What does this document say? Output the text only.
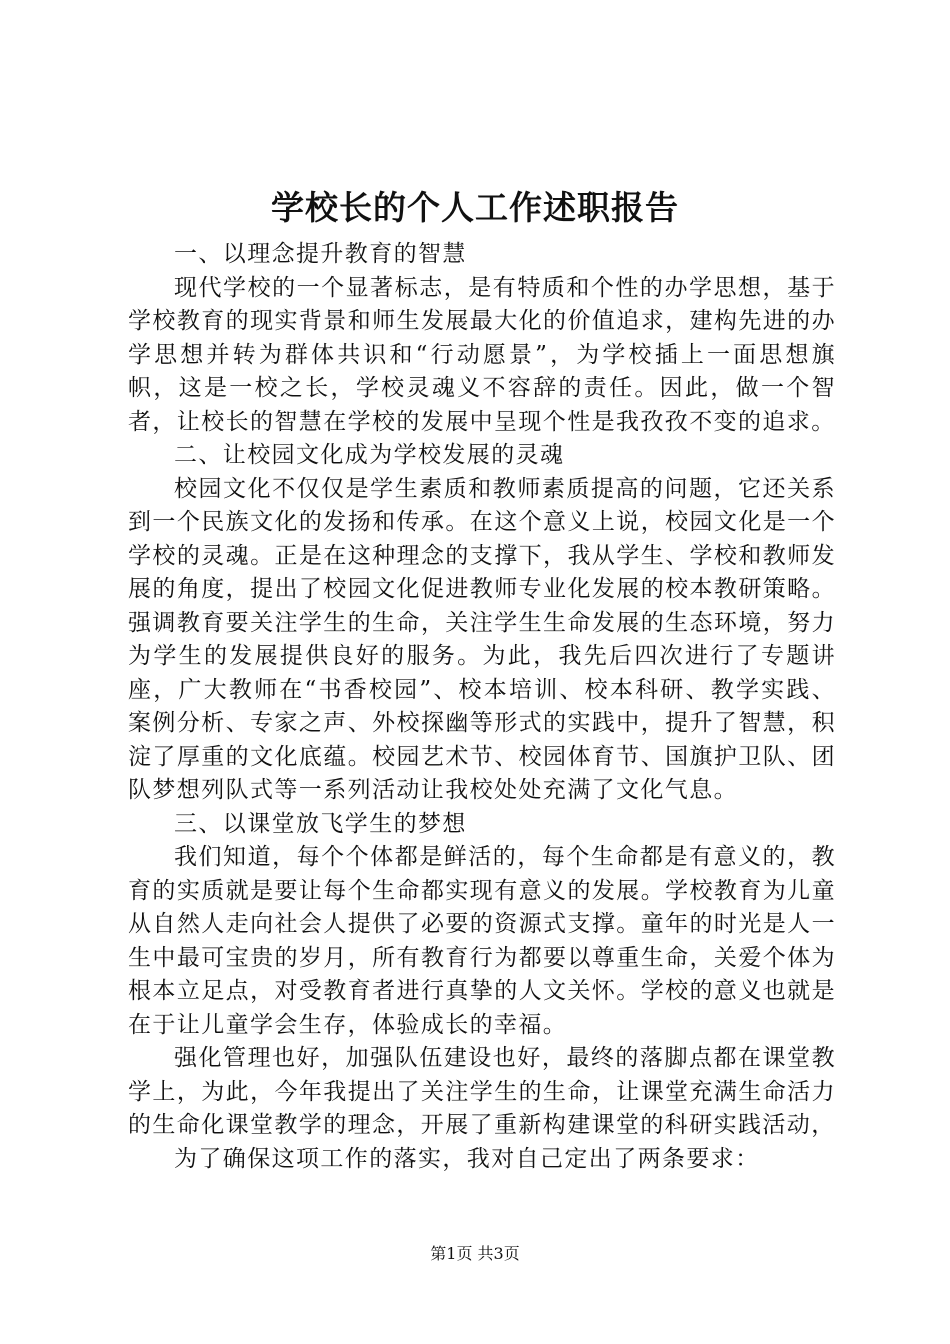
学校长的个人工作述职报告

一、以理念提升教育的智慧

现代学校的一个显著标志，是有特质和个性的办学思想，基于学校教育的现实背景和师生发展最大化的价值追求，建构先进的办学思想并转为群体共识和“行动愿景”，为学校插上一面思想旗帜，这是一校之长，学校灵魂义不容辞的责任。因此，做一个智者，让校长的智慧在学校的发展中呈现个性是我孜孜不变的追求。

二、让校园文化成为学校发展的灵魂

校园文化不仅仅是学生素质和教师素质提高的问题，它还关系到一个民族文化的发扬和传承。在这个意义上说，校园文化是一个学校的灵魂。正是在这种理念的支撑下，我从学生、学校和教师发展的角度，提出了校园文化促进教师专业化发展的校本教研策略。强调教育要关注学生的生命，关注学生生命发展的生态环境，努力为学生的发展提供良好的服务。为此，我先后四次进行了专题讲座，广大教师在“书香校园”、校本培训、校本科研、教学实践、案例分析、专家之声、外校探幽等形式的实践中，提升了智慧，积淀了厚重的文化底蕴。校园艺术节、校园体育节、国旗护卫队、团队梦想列队式等一系列活动让我校处处充满了文化气息。

三、以课堂放飞学生的梦想

我们知道，每个个体都是鲜活的，每个生命都是有意义的，教育的实质就是要让每个生命都实现有意义的发展。学校教育为儿童从自然人走向社会人提供了必要的资源式支撑。童年的时光是人一生中最可宝贵的岁月，所有教育行为都要以尊重生命，关爱个体为根本立足点，对受教育者进行真挚的人文关怀。学校的意义也就是在于让儿童学会生存，体验成长的幸福。

强化管理也好，加强队伍建设也好，最终的落脚点都在课堂教学上，为此，今年我提出了关注学生的生命，让课堂充满生命活力的生命化课堂教学的理念，开展了重新构建课堂的科研实践活动，

为了确保这项工作的落实，我对自己定出了两条要求：

第1页 共3页
